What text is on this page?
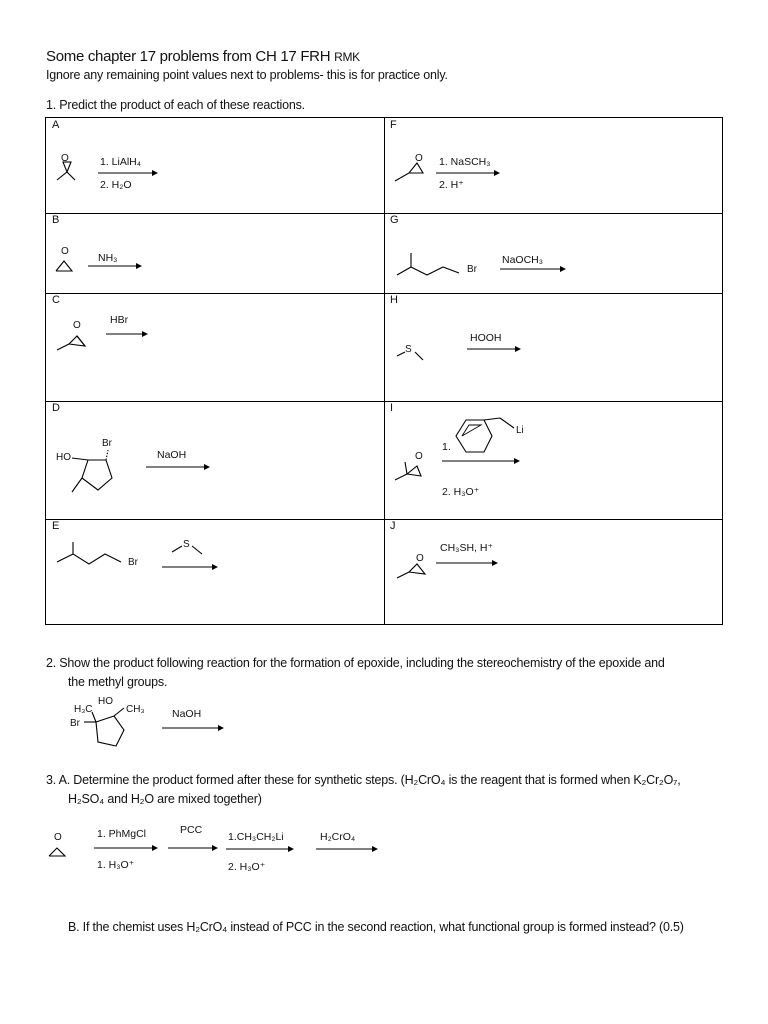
Some chapter 17 problems from CH 17 FRH RMK
Ignore any remaining point values next to problems- this is for practice only.
1. Predict the product of each of these reactions.
A
B
C
D
E
F
G
H
I
J
O	1. LiAlH₄
2. H₂O
O
NH₃
HBr
O
Br
HO	NaOH
Br
S
O 1. NaSCH₃
2. H⁺
Br
NaOCH₃
S
HOOH
1.
Li
O
2. H₃O⁺
CH₃SH, H⁺
O
2. Show the product following reaction for the formation of epoxide, including the stereochemistry of the epoxide and
the methyl groups.
H₃C
HO
CH₃
Br
NaOH
3. A. Determine the product formed after these for synthetic steps. (H₂CrO₄ is the reagent that is formed when K₂Cr₂O₇,
H₂SO₄ and H₂O are mixed together)
O	1. PhMgCl
1. H₃O⁺
PCC
1.CH₃CH₂Li
2. H₃O⁺
H₂CrO₄
B. If the chemist uses H₂CrO₄ instead of PCC in the second reaction, what functional group is formed instead? (0.5)
